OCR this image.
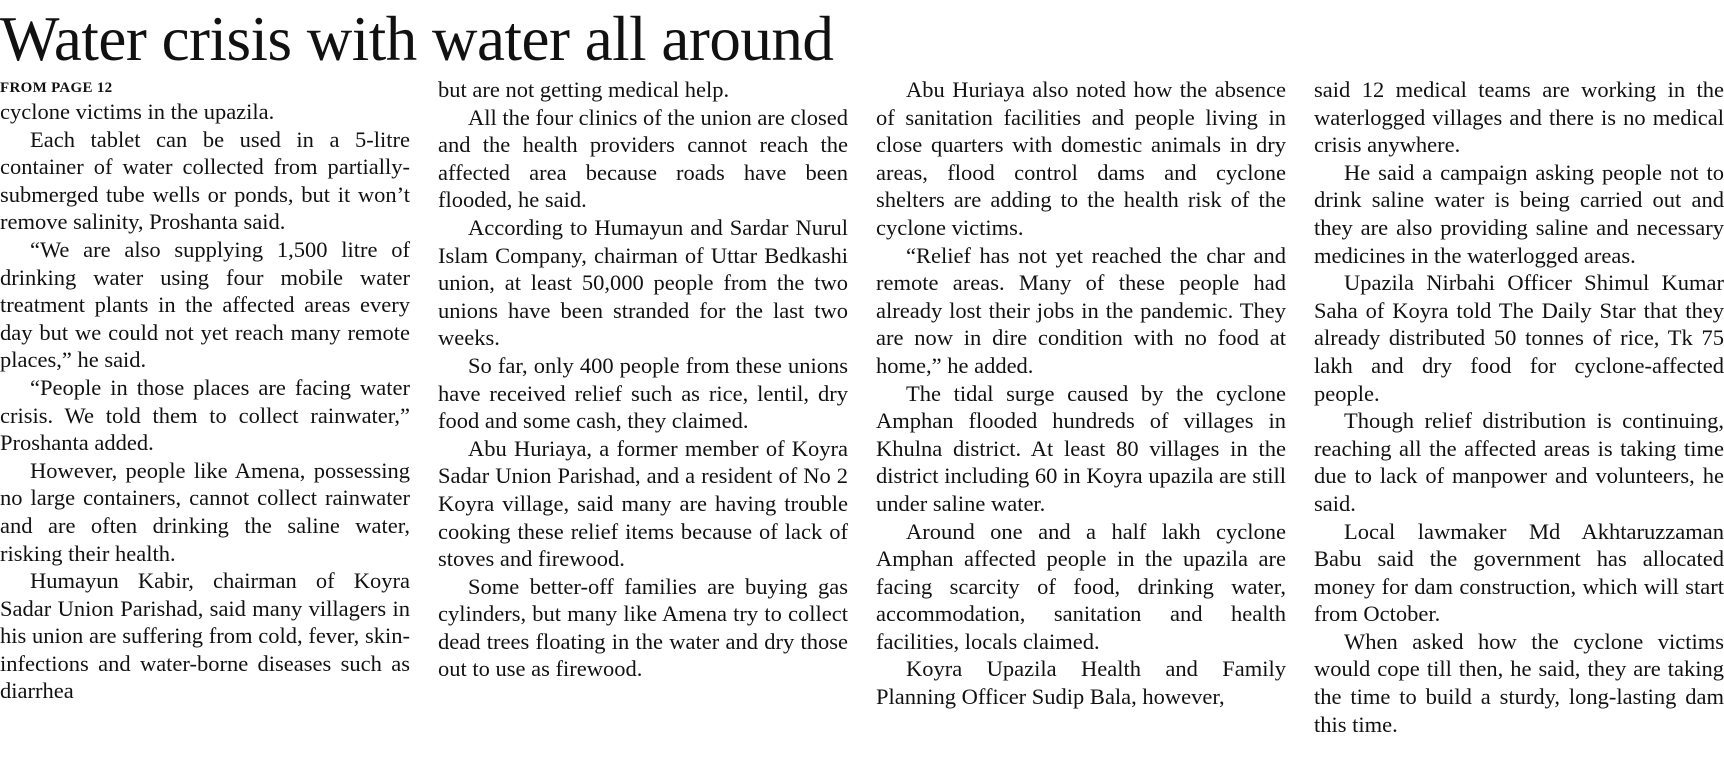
Water crisis with water all around
FROM PAGE 12

cyclone victims in the upazila.

Each tablet can be used in a 5-litre container of water collected from partially-submerged tube wells or ponds, but it won’t remove salinity, Proshanta said.

“We are also supplying 1,500 litre of drinking water using four mobile water treatment plants in the affected areas every day but we could not yet reach many remote places,” he said.

“People in those places are facing water crisis. We told them to collect rainwater,” Proshanta added.

However, people like Amena, possessing no large containers, cannot collect rainwater and are often drinking the saline water, risking their health.

Humayun Kabir, chairman of Koyra Sadar Union Parishad, said many villagers in his union are suffering from cold, fever, skin-infections and water-borne diseases such as diarrhea

but are not getting medical help.

All the four clinics of the union are closed and the health providers cannot reach the affected area because roads have been flooded, he said.

According to Humayun and Sardar Nurul Islam Company, chairman of Uttar Bedkashi union, at least 50,000 people from the two unions have been stranded for the last two weeks.

So far, only 400 people from these unions have received relief such as rice, lentil, dry food and some cash, they claimed.

Abu Huriaya, a former member of Koyra Sadar Union Parishad, and a resident of No 2 Koyra village, said many are having trouble cooking these relief items because of lack of stoves and firewood.

Some better-off families are buying gas cylinders, but many like Amena try to collect dead trees floating in the water and dry those out to use as firewood.

Abu Huriaya also noted how the absence of sanitation facilities and people living in close quarters with domestic animals in dry areas, flood control dams and cyclone shelters are adding to the health risk of the cyclone victims.

“Relief has not yet reached the char and remote areas. Many of these people had already lost their jobs in the pandemic. They are now in dire condition with no food at home,” he added.

The tidal surge caused by the cyclone Amphan flooded hundreds of villages in Khulna district. At least 80 villages in the district including 60 in Koyra upazila are still under saline water.

Around one and a half lakh cyclone Amphan affected people in the upazila are facing scarcity of food, drinking water, accommodation, sanitation and health facilities, locals claimed.

Koyra Upazila Health and Family Planning Officer Sudip Bala, however,

said 12 medical teams are working in the waterlogged villages and there is no medical crisis anywhere.

He said a campaign asking people not to drink saline water is being carried out and they are also providing saline and necessary medicines in the waterlogged areas.

Upazila Nirbahi Officer Shimul Kumar Saha of Koyra told The Daily Star that they already distributed 50 tonnes of rice, Tk 75 lakh and dry food for cyclone-affected people.

Though relief distribution is continuing, reaching all the affected areas is taking time due to lack of manpower and volunteers, he said.

Local lawmaker Md Akhtaruzzaman Babu said the government has allocated money for dam construction, which will start from October.

When asked how the cyclone victims would cope till then, he said, they are taking the time to build a sturdy, long-lasting dam this time.
